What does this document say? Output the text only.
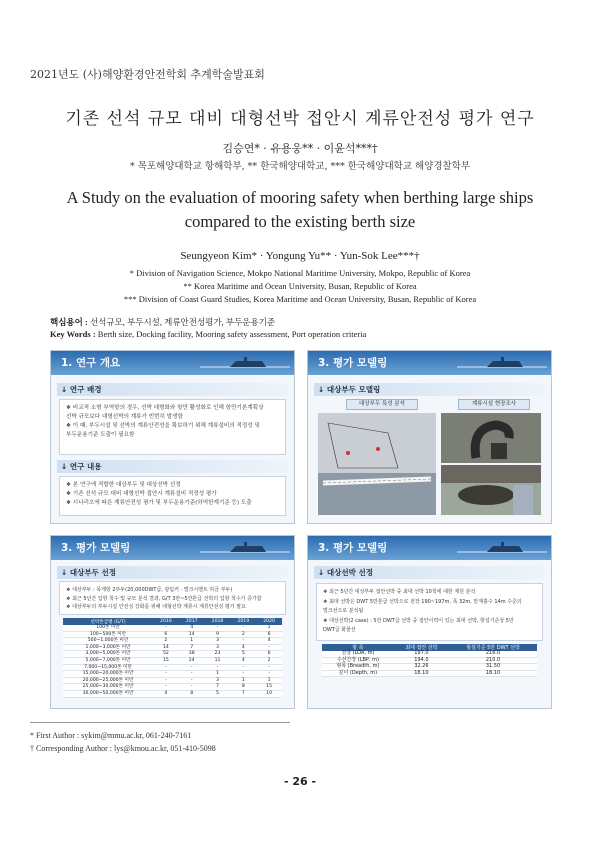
2021년도 (사)해양환경안전학회 추계학술발표회
기존 선석 규모 대비 대형선박 접안시 계류안전성 평가 연구
김승연* · 유용웅** · 이윤석***†
* 목포해양대학교 항해학부, ** 한국해양대학교, *** 한국해양대학교 해양경찰학부
A Study on the evaluation of mooring safety when berthing large ships
compared to the existing berth size
Seungyeon Kim* · Yongung Yu** · Yun-Sok Lee***†
* Division of Navigation Science, Mokpo National Maritime University, Mokpo, Republic of Korea
** Korea Maritime and Ocean University, Busan, Republic of Korea
*** Division of Coast Guard Studies, Korea Maritime and Ocean University, Busan, Republic of Korea
핵심용어 : 선석규모, 부두시설, 계류안전성평가, 부두운용기준
Key Words : Berth size, Docking facility, Mooring safety assessment, Port operation criteria
1. 연구 개요
↓ 연구 배경
❖ 비교적 소형 부역항의 경우, 선박 대형화와 항만 활성화로 인해 항만기본계획상
선박 규모보다 대형선박의 계류가 빈번히 발생함
❖ 이 때, 부두시설 및 선박의 계류안전성을 확보하기 위해 계류설비의 적정성 및
부두운용기준 도출이 필요함
↓ 연구 내용
❖ 본 연구에 적합한 대상부두 및 대상선박 선정
❖ 기존 선석 규모 대비 대형선박 접안시 계류설비 적정성 평가
❖ 시나리오에 따른 계류안전성 평가 및 부두운용기준(하역한계기준 등) 도출
3. 평가 모델링
↓ 대상부두 모델링
대상부두 특성 분석	계류시설 현장조사
3. 평가 모델링
↓ 대상부두 선정
❖ 대상부두 : 목계항 2부두(20,000DWT급, 광림커 · 벌크시멘트 하금 부두)
❖ 최근 5년간 입항 척수 및 규모 분석 결과, G/T 3만~5만톤급 선박의 입항 척수가 증가함
❖ 대상부두의 부두시설 안전성 강화를 위해 대형선박 계류시 계류안전성 평가 필요
선박톤급별 (G/T)	2016	2017	2018	2019	2020
100톤 미만	-	4	-	-	1
100~500톤 미만	6	14	9	2	6
500~1,000톤 미만	2	1	3	-	4
1,000~3,000톤 미만	14	7	3	4	-
3,000~5,000톤 미만	52	38	23	5	6
5,000~7,000톤 미만	15	24	11	4	2
7,000~15,000톤 미만	-	-	-	-	-
15,000~20,000톤 미만	-	-	1	-	-
20,000~25,000톤 미만	-	-	3	1	1
25,000~30,000톤 미만	-	-	7	8	15
30,000~50,000톤 미만	4	8	5	7	10
3. 평가 모델링
↓ 대상선박 선정
❖ 최근 5년간 대상부두 접안선박 중 최대 선박 10척에 대한 제원 분석
❖ 최대 선박은 DWT 5만톤급 선박으로 전장 190~197m, 폭 32m, 만재흘수 14m 수준의
벌크선으로 분석됨
❖ 대상선박(2 case) : 5만 DWT급 선박 중 접안이력이 있는 최대 선박, 항설기준상 5만
DWT급 화물선
항 목	최대 접안 선박	항설기준 5만 DWT 선박
전장 (LOA, m)	197.0	216.0
수선간장 (LBP, m)	194.0	210.0
형폭 (Breadth, m)	32.26	31.50
깊이 (Depth, m)	18.10	18.10
* First Author : sykim@mmu.ac.kr, 061-240-7161
† Corresponding Author : lys@kmou.ac.kr, 051-410-5098
- 26 -
